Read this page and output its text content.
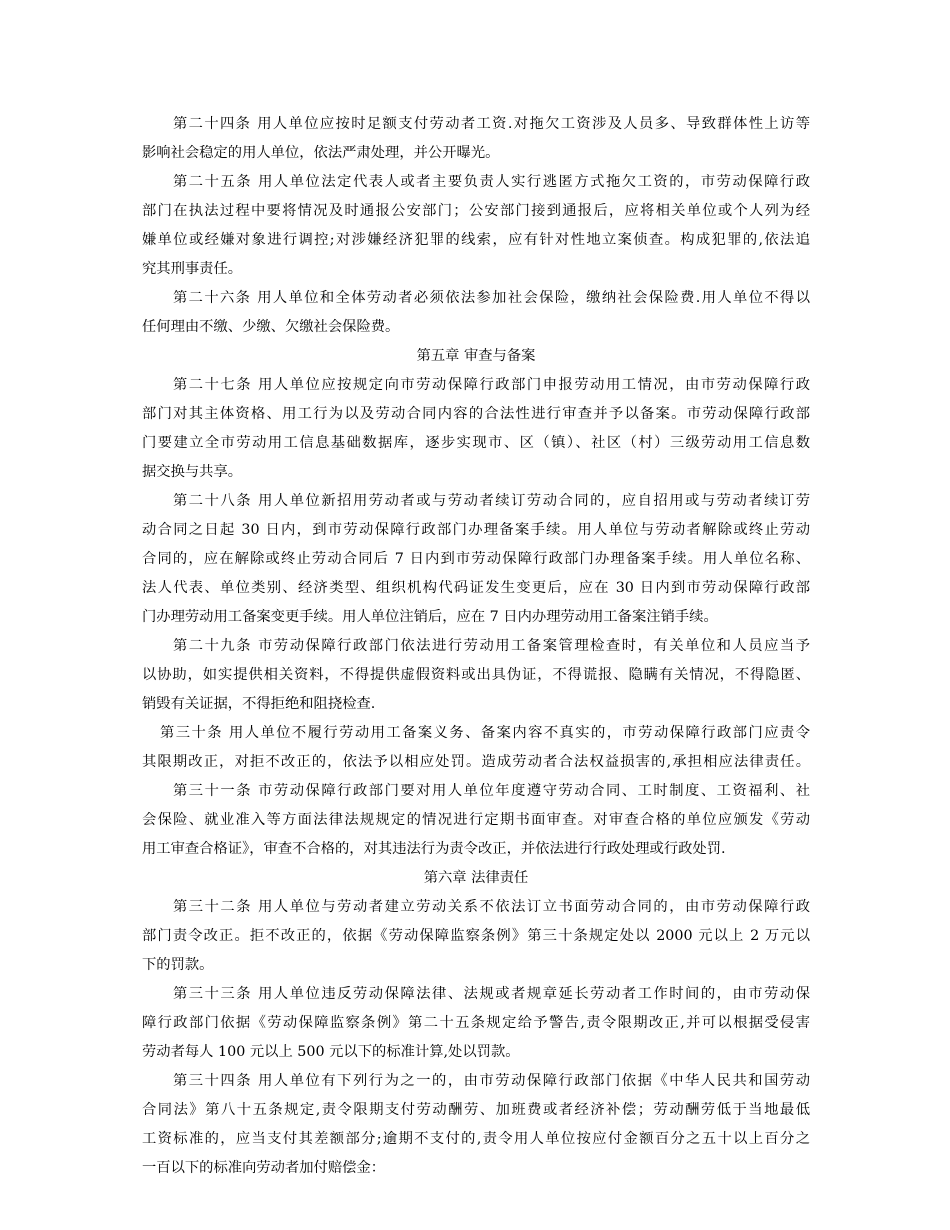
第二十四条 用人单位应按时足额支付劳动者工资.对拖欠工资涉及人员多、导致群体性上访等
影响社会稳定的用人单位，依法严肃处理，并公开曝光。
第二十五条 用人单位法定代表人或者主要负责人实行逃匿方式拖欠工资的，市劳动保障行政
部门在执法过程中要将情况及时通报公安部门；公安部门接到通报后，应将相关单位或个人列为经
嫌单位或经嫌对象进行调控;对涉嫌经济犯罪的线索，应有针对性地立案侦查。构成犯罪的,依法追
究其刑事责任。
第二十六条 用人单位和全体劳动者必须依法参加社会保险，缴纳社会保险费.用人单位不得以
任何理由不缴、少缴、欠缴社会保险费。
第五章 审查与备案
第二十七条 用人单位应按规定向市劳动保障行政部门申报劳动用工情况，由市劳动保障行政
部门对其主体资格、用工行为以及劳动合同内容的合法性进行审查并予以备案。市劳动保障行政部
门要建立全市劳动用工信息基础数据库，逐步实现市、区（镇）、社区（村）三级劳动用工信息数
据交换与共享。
第二十八条 用人单位新招用劳动者或与劳动者续订劳动合同的，应自招用或与劳动者续订劳
动合同之日起 30 日内，到市劳动保障行政部门办理备案手续。用人单位与劳动者解除或终止劳动
合同的，应在解除或终止劳动合同后 7 日内到市劳动保障行政部门办理备案手续。用人单位名称、
法人代表、单位类别、经济类型、组织机构代码证发生变更后，应在 30 日内到市劳动保障行政部
门办理劳动用工备案变更手续。用人单位注销后，应在 7 日内办理劳动用工备案注销手续。
第二十九条 市劳动保障行政部门依法进行劳动用工备案管理检查时，有关单位和人员应当予
以协助，如实提供相关资料，不得提供虚假资料或出具伪证，不得谎报、隐瞒有关情况，不得隐匿、
销毁有关证据，不得拒绝和阻挠检查.
第三十条 用人单位不履行劳动用工备案义务、备案内容不真实的，市劳动保障行政部门应责令
其限期改正，对拒不改正的，依法予以相应处罚。造成劳动者合法权益损害的,承担相应法律责任。
第三十一条 市劳动保障行政部门要对用人单位年度遵守劳动合同、工时制度、工资福利、社
会保险、就业准入等方面法律法规规定的情况进行定期书面审查。对审查合格的单位应颁发《劳动
用工审查合格证》，审查不合格的，对其违法行为责令改正，并依法进行行政处理或行政处罚.
第六章 法律责任
第三十二条 用人单位与劳动者建立劳动关系不依法订立书面劳动合同的，由市劳动保障行政
部门责令改正。拒不改正的，依据《劳动保障监察条例》第三十条规定处以 2000 元以上 2 万元以
下的罚款。
第三十三条 用人单位违反劳动保障法律、法规或者规章延长劳动者工作时间的，由市劳动保
障行政部门依据《劳动保障监察条例》第二十五条规定给予警告,责令限期改正,并可以根据受侵害
劳动者每人 100 元以上 500 元以下的标准计算,处以罚款。
第三十四条 用人单位有下列行为之一的，由市劳动保障行政部门依据《中华人民共和国劳动
合同法》第八十五条规定,责令限期支付劳动酬劳、加班费或者经济补偿；劳动酬劳低于当地最低
工资标准的，应当支付其差额部分;逾期不支付的,责令用人单位按应付金额百分之五十以上百分之
一百以下的标准向劳动者加付赔偿金：
